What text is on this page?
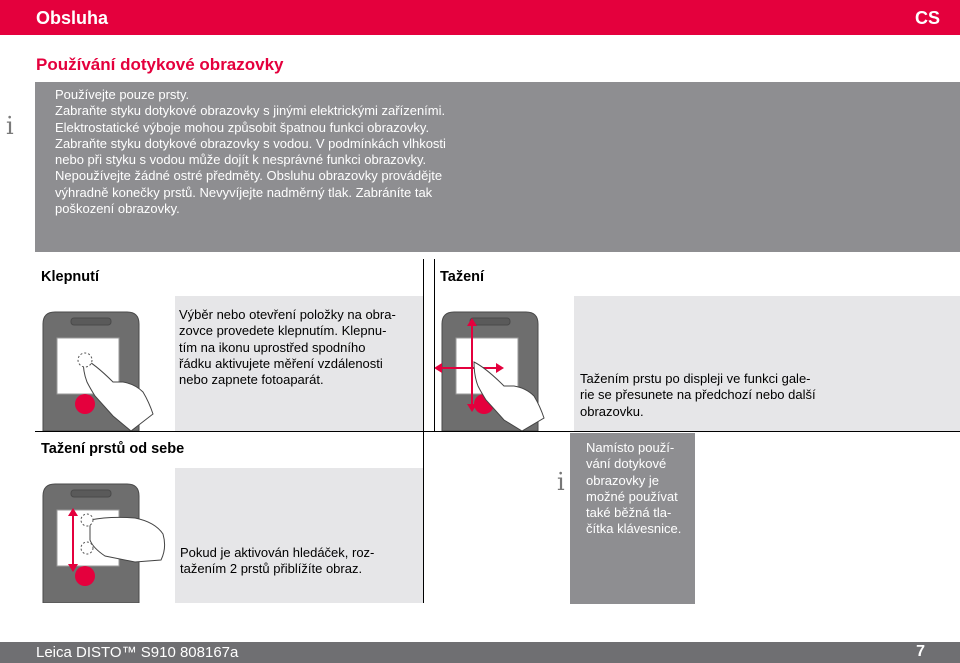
Obsluha	CS
Používání dotykové obrazovky
i
Používejte pouze prsty.
Zabraňte styku dotykové obrazovky s jinými elektrickými zařízeními.
Elektrostatické výboje mohou způsobit špatnou funkci obrazovky.
Zabraňte styku dotykové obrazovky s vodou. V podmínkách vlhkosti
nebo při styku s vodou může dojít k nesprávné funkci obrazovky.
Nepoužívejte žádné ostré předměty. Obsluhu obrazovky provádějte
výhradně konečky prstů. Nevyvíjejte nadměrný tlak. Zabráníte tak
poškození obrazovky.
Klepnutí
Výběr nebo otevření položky na obra-
zovce provedete klepnutím. Klepnu-
tím na ikonu uprostřed spodního
řádku aktivujete měření vzdálenosti
nebo zapnete fotoaparát.
Tažení
Tažením prstu po displeji ve funkci gale-
rie se přesunete na předchozí nebo další
obrazovku.
Tažení prstů od sebe
Pokud je aktivován hledáček, roz-
tažením 2 prstů přiblížíte obraz.
i
Namísto použí-
vání dotykové
obrazovky je
možné používat
také běžná tla-
čítka klávesnice.
Leica DISTO™ S910 808167a	7
